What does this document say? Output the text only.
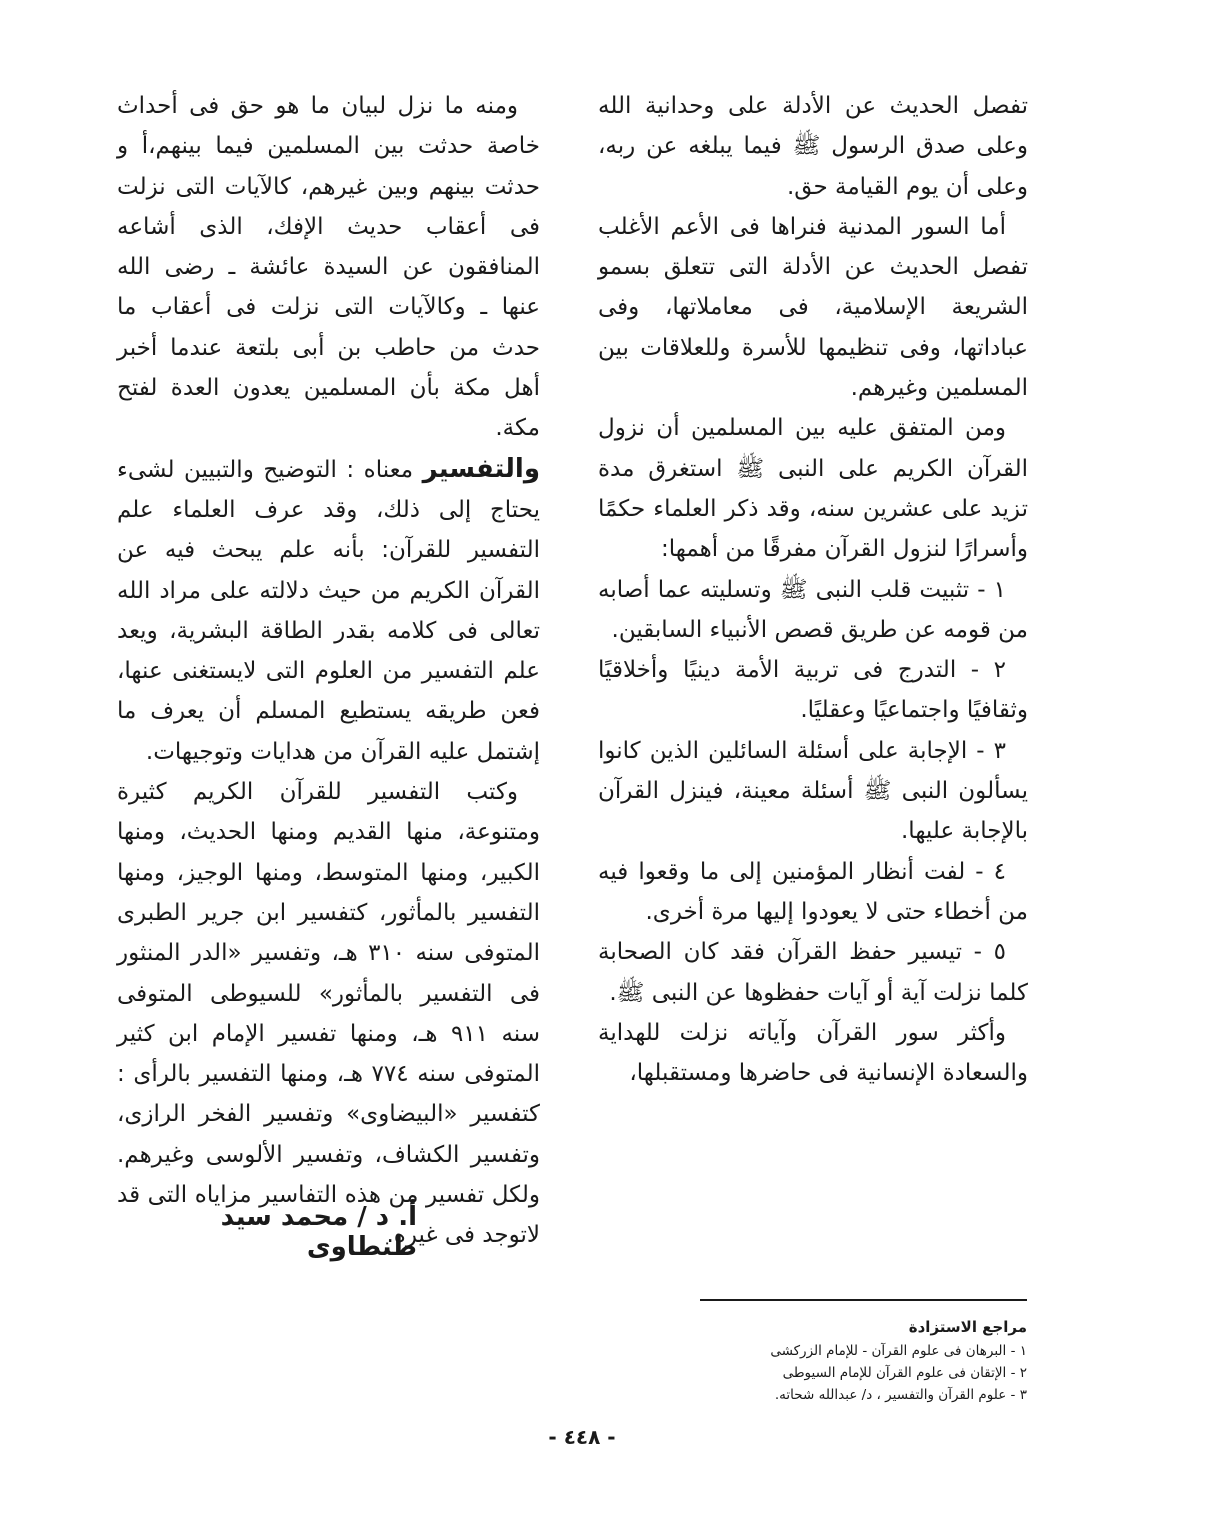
تفصل الحديث عن الأدلة على وحدانية الله وعلى صدق الرسول ﷺ فيما يبلغه عن ربه، وعلى أن يوم القيامة حق.

أما السور المدنية فنراها فى الأعم الأغلب تفصل الحديث عن الأدلة التى تتعلق بسمو الشريعة الإسلامية، فى معاملاتها، وفى عباداتها، وفى تنظيمها للأسرة وللعلاقات بين المسلمين وغيرهم.

ومن المتفق عليه بين المسلمين أن نزول القرآن الكريم على النبى ﷺ استغرق مدة تزيد على عشرين سنه، وقد ذكر العلماء حكمًا وأسرارًا لنزول القرآن مفرقًا من أهمها:

١ - تثبيت قلب النبى ﷺ وتسليته عما أصابه من قومه عن طريق قصص الأنبياء السابقين.

٢ - التدرج فى تربية الأمة دينيًا وأخلاقيًا وثقافيًا واجتماعيًا وعقليًا.

٣ - الإجابة على أسئلة السائلين الذين كانوا يسألون النبى ﷺ أسئلة معينة، فينزل القرآن بالإجابة عليها.

٤ - لفت أنظار المؤمنين إلى ما وقعوا فيه من أخطاء حتى لا يعودوا إليها مرة أخرى.

٥ - تيسير حفظ القرآن فقد كان الصحابة كلما نزلت آية أو آيات حفظوها عن النبى ﷺ.

وأكثر سور القرآن وآياته نزلت للهداية والسعادة الإنسانية فى حاضرها ومستقبلها،

ومنه ما نزل لبيان ما هو حق فى أحداث خاصة حدثت بين المسلمين فيما بينهم،أ و حدثت بينهم وبين غيرهم، كالآيات التى نزلت فى أعقاب حديث الإفك، الذى أشاعه المنافقون عن السيدة عائشة ـ رضى الله عنها ـ وكالآيات التى نزلت فى أعقاب ما حدث من حاطب بن أبى بلتعة عندما أخبر أهل مكة بأن المسلمين يعدون العدة لفتح مكة.

والتفسير معناه : التوضيح والتبيين لشىء يحتاج إلى ذلك، وقد عرف العلماء علم التفسير للقرآن: بأنه علم يبحث فيه عن القرآن الكريم من حيث دلالته على مراد الله تعالى فى كلامه بقدر الطاقة البشرية، ويعد علم التفسير من العلوم التى لايستغنى عنها، فعن طريقه يستطيع المسلم أن يعرف ما إشتمل عليه القرآن من هدايات وتوجيهات.

وكتب التفسير للقرآن الكريم كثيرة ومتنوعة، منها القديم ومنها الحديث، ومنها الكبير، ومنها المتوسط، ومنها الوجيز، ومنها التفسير بالمأثور، كتفسير ابن جرير الطبرى المتوفى سنه ٣١٠ هـ، وتفسير «الدر المنثور فى التفسير بالمأثور» للسيوطى المتوفى سنه ٩١١ هـ، ومنها تفسير الإمام ابن كثير المتوفى سنه ٧٧٤ هـ، ومنها التفسير بالرأى : كتفسير «البيضاوى» وتفسير الفخر الرازى، وتفسير الكشاف، وتفسير الألوسى وغيرهم. ولكل تفسير من هذه التفاسير مزاياه التى قد لاتوجد فى غيره.

أ. د / محمد سيد طنطاوى
مراجع الاستزادة
١ - البرهان فى علوم القرآن - للإمام الزركشى
٢ - الإتقان فى علوم القرآن للإمام السيوطى
٣ - علوم القرآن والتفسير ، د/ عبدالله شحاته.
- ٤٤٨ -
